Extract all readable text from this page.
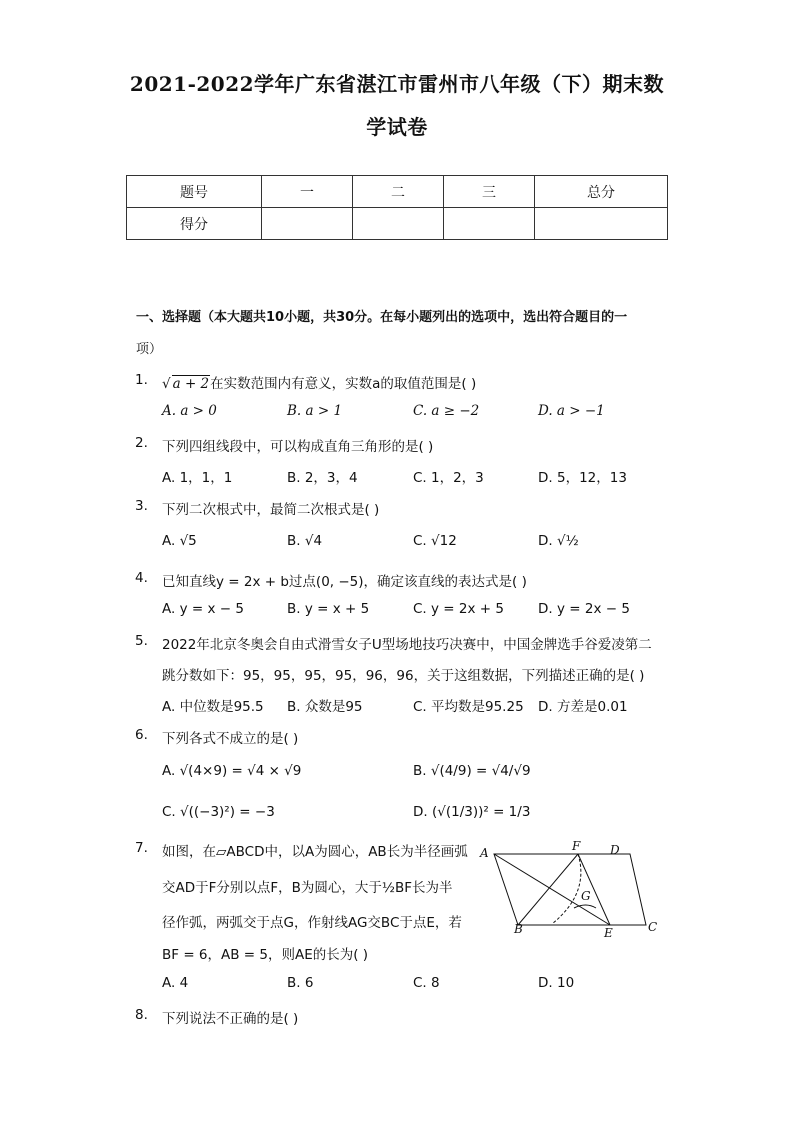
2021-2022学年广东省湛江市雷州市八年级（下）期末数
学试卷
题号	一	二	三	总分
得分				
一、选择题（本大题共10小题，共30分。在每小题列出的选项中，选出符合题目的一
项）
1. √ a + 2在实数范围内有意义，实数a的取值范围是( )
A. a > 0	B. a > 1	C. a ≥ −2	D. a > −1
2. 下列四组线段中，可以构成直角三角形的是( )
A. 1，1，1	B. 2，3，4	C. 1，2，3	D. 5，12，13
3. 下列二次根式中，最简二次根式是( )
A. √5	B. √4	C. √12	D. √½
4. 已知直线y = 2x + b过点(0, −5)，确定该直线的表达式是( )
A. y = x − 5	B. y = x + 5	C. y = 2x + 5	D. y = 2x − 5
5. 2022年北京冬奥会自由式滑雪女子U型场地技巧决赛中，中国金牌选手谷爱凌第二
跳分数如下：95，95，95，95，96，96，关于这组数据，下列描述正确的是( )
A. 中位数是95.5 B. 众数是95	C. 平均数是95.25 D. 方差是0.01
6. 下列各式不成立的是( )
A. √(4×9) = √4 × √9	B. √(4/9) = √4/√9
C. √((−3)²) = −3	D. (√(1/3))² = 1/3
7. 如图，在▱ABCD中，以A为圆心，AB长为半径画弧
交AD于F分别以点F，B为圆心，大于½BF长为半
径作弧，两弧交于点G，作射线AG交BC于点E，若
BF = 6，AB = 5，则AE的长为( )
A. 4	B. 6	C. 8	D. 10
A	F D
G
B	E	C
8. 下列说法不正确的是( )
